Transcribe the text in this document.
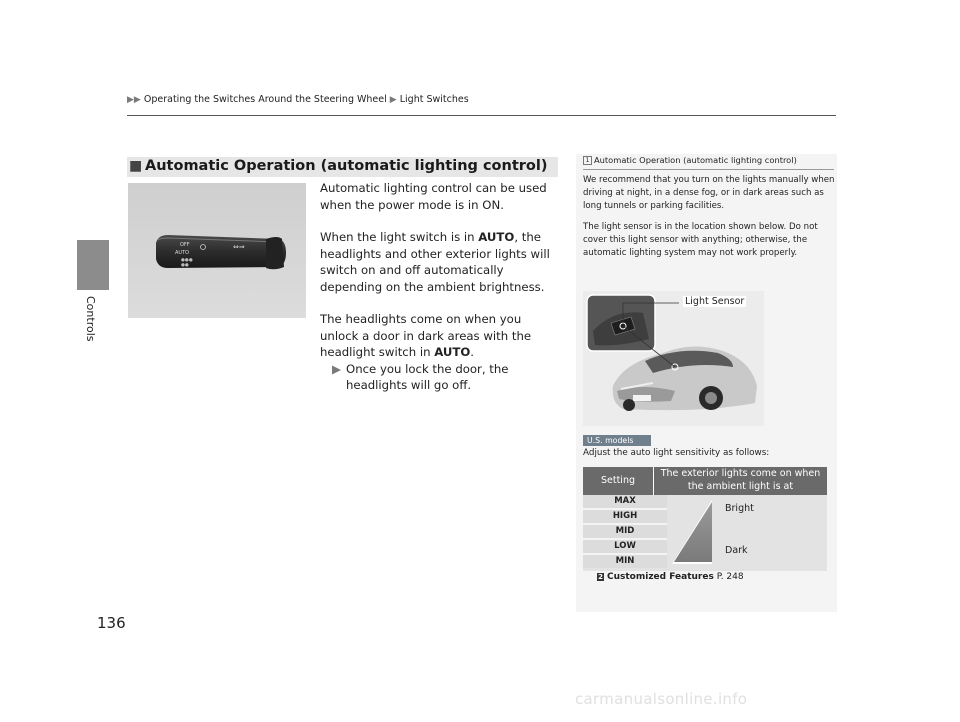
▶▶ Operating the Switches Around the Steering Wheel ▶ Light Switches
Controls
136
■ Automatic Operation (automatic lighting control)
OFF
AUTO
●●●
●●
⇔⇒

Automatic lighting control can be used when the power mode is in ON.

When the light switch is in AUTO, the headlights and other exterior lights will switch on and off automatically depending on the ambient brightness.

The headlights come on when you unlock a door in dark areas with the headlight switch in AUTO.

▶ Once you lock the door, the headlights will go off.
1 Automatic Operation (automatic lighting control)

We recommend that you turn on the lights manually when driving at night, in a dense fog, or in dark areas such as long tunnels or parking facilities.

The light sensor is in the location shown below. Do not cover this light sensor with anything; otherwise, the automatic lighting system may not work properly.

Light Sensor
U.S. models
Adjust the auto light sensitivity as follows:
Setting
The exterior lights come on when the ambient light is at
MAX
HIGH
MID
LOW
MIN
Bright
Dark
2 Customized Features P. 248
carmanualsonline.info
